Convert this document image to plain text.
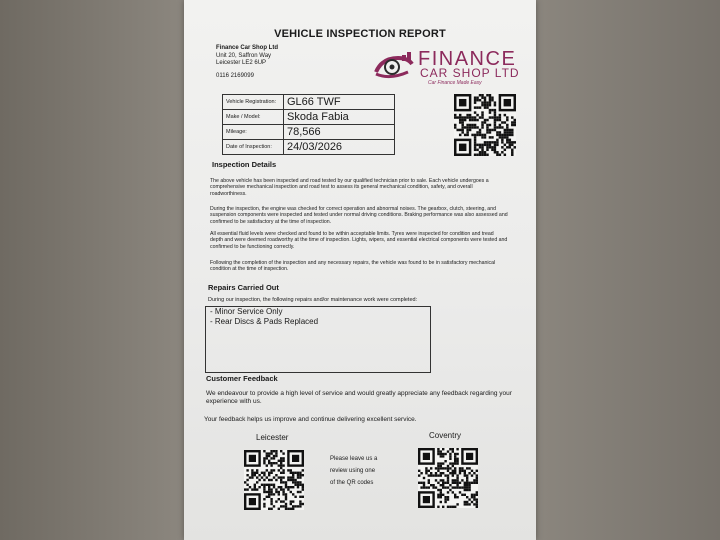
VEHICLE INSPECTION REPORT
Finance Car Shop Ltd
Unit 20, Saffron Way
Leicester LE2 6UP
0116 2169099
FINANCE
CAR SHOP LTD
Car Finance Made Easy
Vehicle Registration:	GL66 TWF
Make / Model:	Skoda Fabia
Mileage:	78,566
Date of Inspection:	24/03/2026
Inspection Details
The above vehicle has been inspected and road tested by our qualified technician prior to sale. Each vehicle undergoes a comprehensive mechanical inspection and road test to assess its general mechanical condition, safety, and overall roadworthiness.
During the inspection, the engine was checked for correct operation and abnormal noises. The gearbox, clutch, steering, and suspension components were inspected and tested under normal driving conditions. Braking performance was also assessed and confirmed to be satisfactory at the time of inspection.
All essential fluid levels were checked and found to be within acceptable limits. Tyres were inspected for condition and tread depth and were deemed roadworthy at the time of inspection. Lights, wipers, and essential electrical components were tested and confirmed to be functioning correctly.
Following the completion of the inspection and any necessary repairs, the vehicle was found to be in satisfactory mechanical condition at the time of inspection.
Repairs Carried Out
During our inspection, the following repairs and/or maintenance work were completed:
- Minor Service Only
- Rear Discs & Pads Replaced
Customer Feedback
We endeavour to provide a high level of service and would greatly appreciate any feedback regarding your experience with us.
Your feedback helps us improve and continue delivering excellent service.
Leicester	Coventry
Please leave us a
review using one
of the QR codes
